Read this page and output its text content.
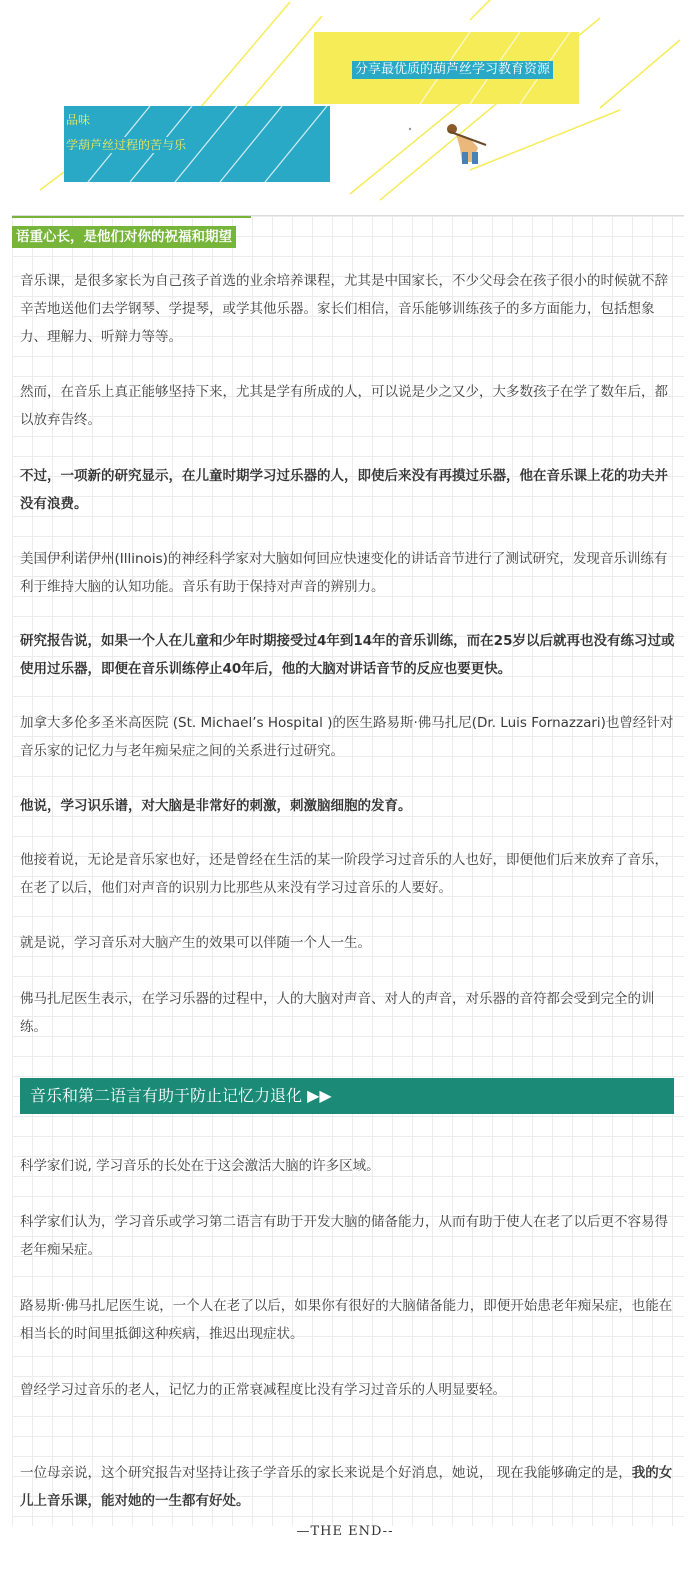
分享最优质的葫芦丝学习教育资源
品味
学葫芦丝过程的苦与乐
语重心长，是他们对你的祝福和期望

音乐课，是很多家长为自己孩子首选的业余培养课程，尤其是中国家长，不少父母会在孩子很小的时候就不辞辛苦地送他们去学钢琴、学提琴，或学其他乐器。家长们相信，音乐能够训练孩子的多方面能力，包括想象力、理解力、听辩力等等。

然而，在音乐上真正能够坚持下来，尤其是学有所成的人，可以说是少之又少，大多数孩子在学了数年后，都以放弃告终。

不过，一项新的研究显示，在儿童时期学习过乐器的人，即使后来没有再摸过乐器，他在音乐课上花的功夫并没有浪费。

美国伊利诺伊州(Illinois)的神经科学家对大脑如何回应快速变化的讲话音节进行了测试研究，发现音乐训练有利于维持大脑的认知功能。音乐有助于保持对声音的辨别力。

研究报告说，如果一个人在儿童和少年时期接受过4年到14年的音乐训练，而在25岁以后就再也没有练习过或使用过乐器，即便在音乐训练停止40年后，他的大脑对讲话音节的反应也要更快。

加拿大多伦多圣米高医院 (St. Michael’s Hospital )的医生路易斯·佛马扎尼(Dr. Luis Fornazzari)也曾经针对音乐家的记忆力与老年痴呆症之间的关系进行过研究。

他说，学习识乐谱，对大脑是非常好的刺激，刺激脑细胞的发育。

他接着说，无论是音乐家也好，还是曾经在生活的某一阶段学习过音乐的人也好，即便他们后来放弃了音乐，在老了以后，他们对声音的识别力比那些从来没有学习过音乐的人要好。

就是说，学习音乐对大脑产生的效果可以伴随一个人一生。

佛马扎尼医生表示，在学习乐器的过程中，人的大脑对声音、对人的声音，对乐器的音符都会受到完全的训练。

音乐和第二语言有助于防止记忆力退化 ▶▶

科学家们说, 学习音乐的长处在于这会激活大脑的许多区域。

科学家们认为，学习音乐或学习第二语言有助于开发大脑的储备能力，从而有助于使人在老了以后更不容易得老年痴呆症。

路易斯·佛马扎尼医生说，一个人在老了以后，如果你有很好的大脑储备能力，即便开始患老年痴呆症，也能在相当长的时间里抵御这种疾病，推迟出现症状。

曾经学习过音乐的老人，记忆力的正常衰减程度比没有学习过音乐的人明显要轻。

一位母亲说，这个研究报告对坚持让孩子学音乐的家长来说是个好消息，她说， 现在我能够确定的是，我的女儿上音乐课，能对她的一生都有好处。

—THE END--
